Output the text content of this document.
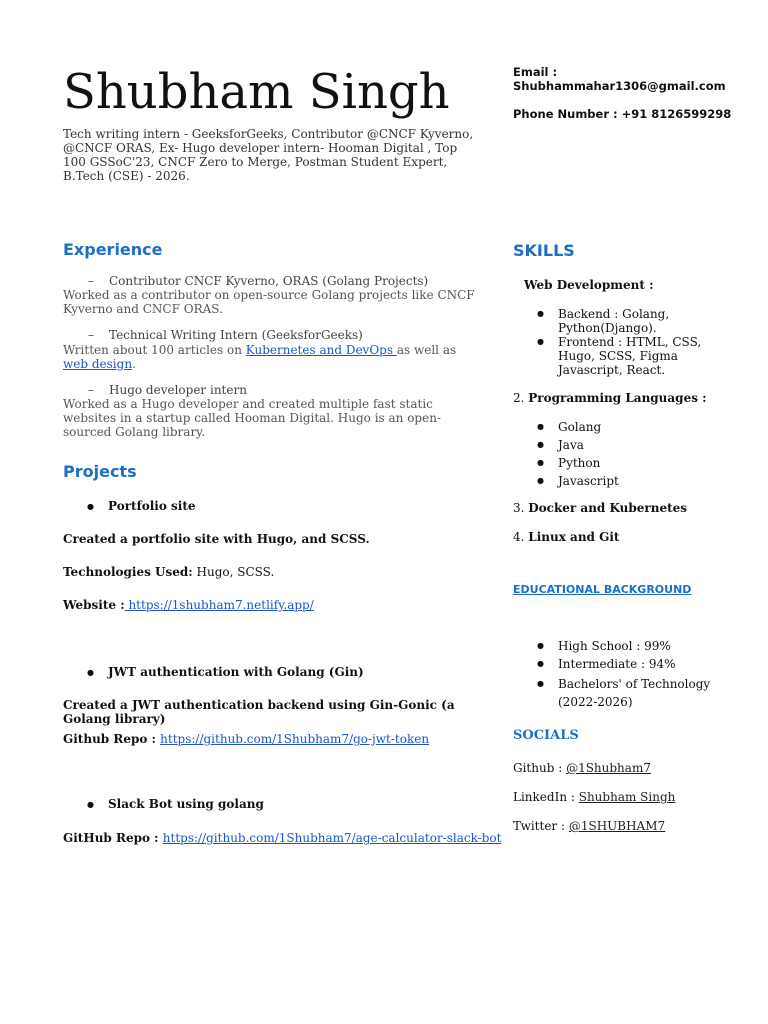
Shubham Singh
Tech writing intern - GeeksforGeeks, Contributor @CNCF Kyverno, @CNCF ORAS, Ex- Hugo developer intern- Hooman Digital , Top 100 GSSoC'23, CNCF Zero to Merge, Postman Student Expert, B.Tech (CSE) - 2026.
Email :
Shubhammahar1306@gmail.com
Phone Number : +91 8126599298
Experience
– Contributor CNCF Kyverno, ORAS (Golang Projects)
Worked as a contributor on open-source Golang projects like CNCF Kyverno and CNCF ORAS.
– Technical Writing Intern (GeeksforGeeks)
Written about 100 articles on Kubernetes and DevOps as well as web design.
– Hugo developer intern
Worked as a Hugo developer and created multiple fast static websites in a startup called Hooman Digital. Hugo is an open-sourced Golang library.
Projects
● Portfolio site
Created a portfolio site with Hugo, and SCSS.
Technologies Used: Hugo, SCSS.
Website : https://1shubham7.netlify.app/
● JWT authentication with Golang (Gin)
Created a JWT authentication backend using Gin-Gonic (a Golang library)
Github Repo : https://github.com/1Shubham7/go-jwt-token
● Slack Bot using golang
GitHub Repo : https://github.com/1Shubham7/age-calculator-slack-bot
SKILLS
Web Development :
● Backend : Golang, Python(Django).
● Frontend : HTML, CSS, Hugo, SCSS, Figma Javascript, React.
2. Programming Languages :
● Golang
● Java
● Python
● Javascript
3. Docker and Kubernetes
4. Linux and Git
EDUCATIONAL BACKGROUND
● High School : 99%
● Intermediate : 94%
● Bachelors' of Technology (2022-2026)
SOCIALS
Github : @1Shubham7
LinkedIn : Shubham Singh
Twitter : @1SHUBHAM7
